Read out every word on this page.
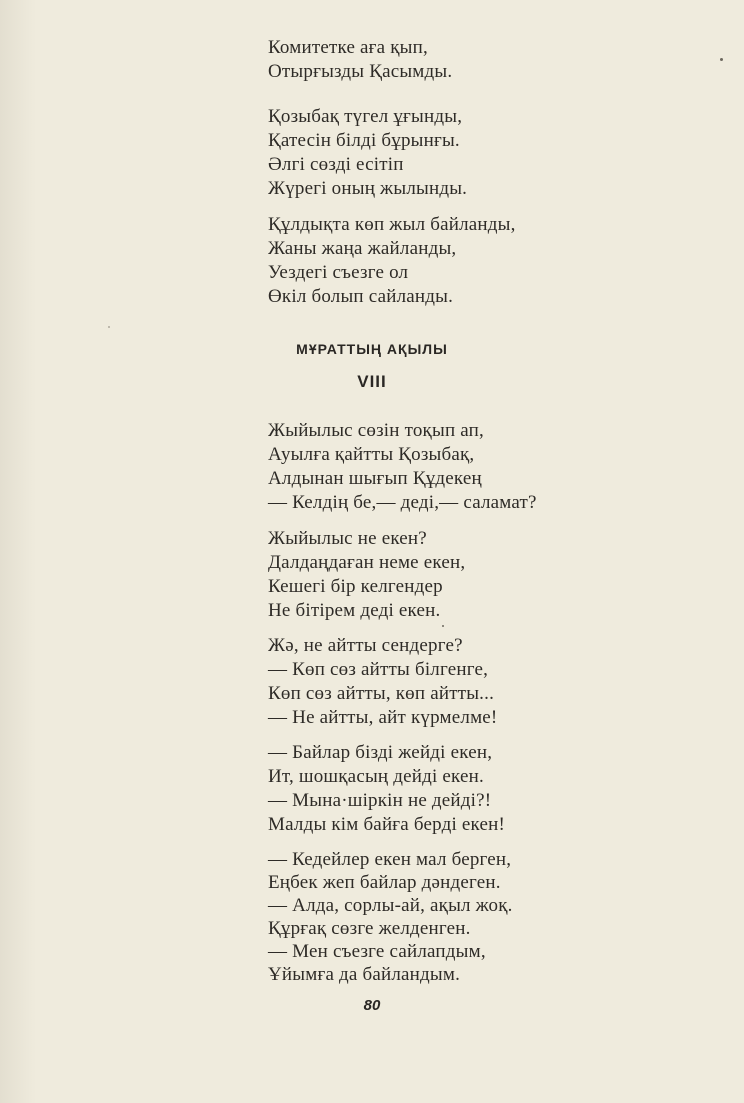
Комитетке аға қып,
Отырғызды Қасымды.
Қозыбақ түгел ұғынды,
Қатесін білді бұрынғы.
Әлгі сөзді есітіп
Жүрегі оның жылынды.
Құлдықта көп жыл байланды,
Жаны жаңа жайланды,
Уездегі съезге ол
Өкіл болып сайланды.
МҰРАТТЫҢ АҚЫЛЫ
VIII
Жыйылыс сөзін тоқып ап,
Ауылға қайтты Қозыбақ,
Алдынан шығып Құдекең
— Келдің бе,— деді,— саламат?
Жыйылыс не екен?
Далдаңдаған неме екен,
Кешегі бір келгендер
Не бітірем деді екен.
Жә, не айтты сендерге?
— Көп сөз айтты білгенге,
Көп сөз айтты, көп айтты...
— Не айтты, айт күрмелме!
— Байлар бізді жейді екен,
Ит, шошқасың дейді екен.
— Мына·шіркін не дейді?!
Малды кім байға берді екен!
— Кедейлер екен мал берген,
Еңбек жеп байлар дәндеген.
— Алда, сорлы-ай, ақыл жоқ.
Құрғақ сөзге желденген.
— Мен съезге сайлапдым,
Ұйымға да байландым.
80
